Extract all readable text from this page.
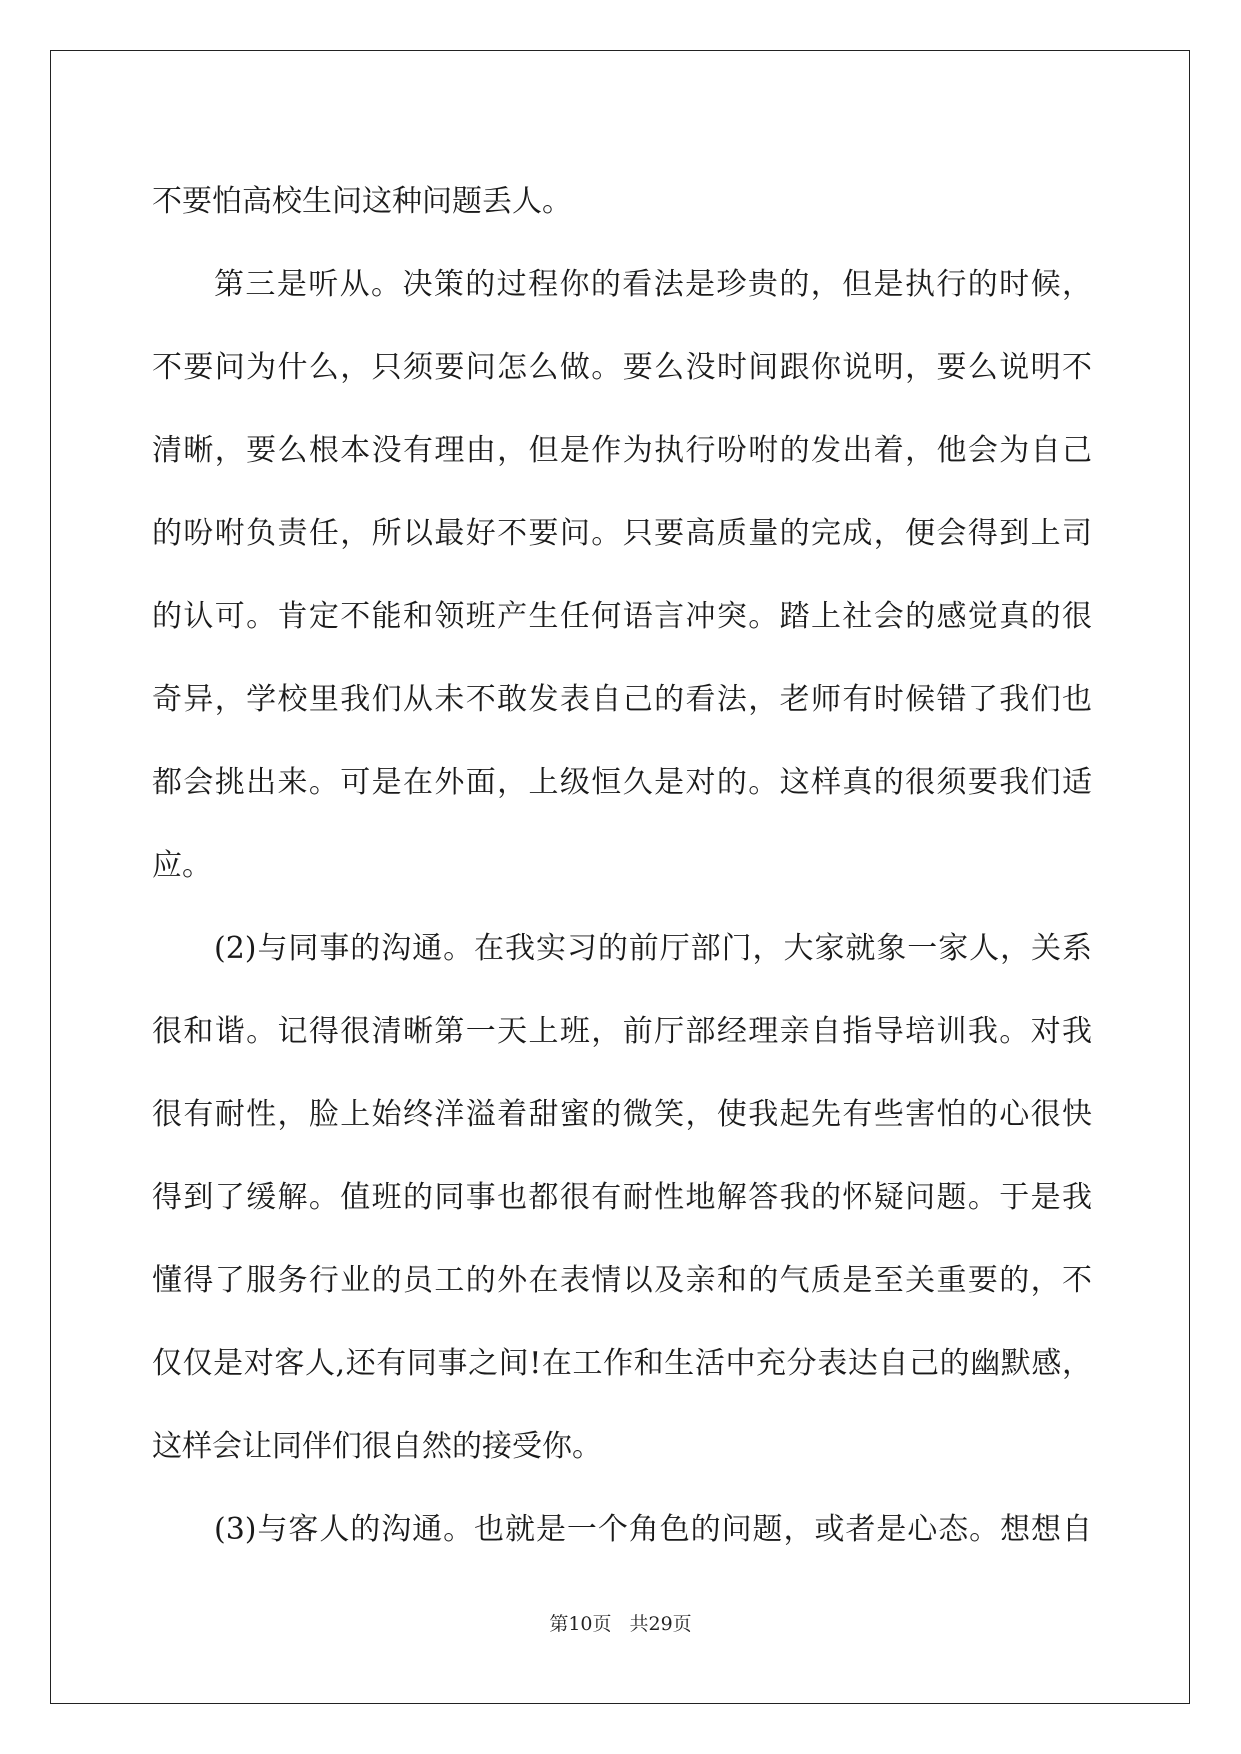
不要怕高校生问这种问题丢人。
第三是听从。决策的过程你的看法是珍贵的，但是执行的时候，
不要问为什么，只须要问怎么做。要么没时间跟你说明，要么说明不
清晰，要么根本没有理由，但是作为执行吩咐的发出着，他会为自己
的吩咐负责任，所以最好不要问。只要高质量的完成，便会得到上司
的认可。肯定不能和领班产生任何语言冲突。踏上社会的感觉真的很
奇异，学校里我们从未不敢发表自己的看法，老师有时候错了我们也
都会挑出来。可是在外面，上级恒久是对的。这样真的很须要我们适
应。
(2)与同事的沟通。在我实习的前厅部门，大家就象一家人，关系
很和谐。记得很清晰第一天上班，前厅部经理亲自指导培训我。对我
很有耐性，脸上始终洋溢着甜蜜的微笑，使我起先有些害怕的心很快
得到了缓解。值班的同事也都很有耐性地解答我的怀疑问题。于是我
懂得了服务行业的员工的外在表情以及亲和的气质是至关重要的，不
仅仅是对客人,还有同事之间!在工作和生活中充分表达自己的幽默感，
这样会让同伴们很自然的接受你。
(3)与客人的沟通。也就是一个角色的问题，或者是心态。想想自
第10页 共29页
